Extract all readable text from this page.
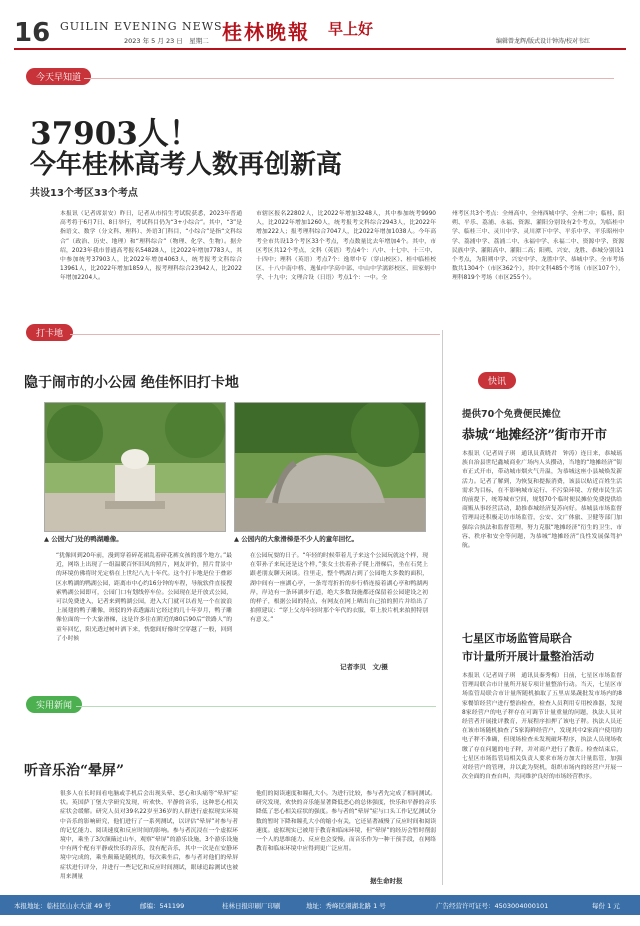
16 GUILIN EVENING NEWS
2023 年 5 月 23 日　星期二 桂林晚報 早上好
编辑曾龙辉/版式设计钟涛/校对韦红
今天早知道
37903人！
今年桂林高考人数再创新高
共设13个考区33个考点
本报讯（记者席景安）昨日，记者从市招生考试院获悉，2023年普通高考将于6月7日、8日举行，考试科目仍为“3+小综合”。其中，“3”是指语文、数学（分文科、理科）、外语3门科目，“小综合”是指“文科综合”（政治、历史、地理）和“理科综合”（物理、化学、生物）。据介绍，2023年我市普通高考报名54828人，比2022年增加7783人，其中参加统考37903人，比2022年增加4063人，统考报考文科综合13961人，比2022年增加1859人，报考理科综合23942人，比2022年增加2204人。
市辖区报名22802人，比2022年增加3248人，其中参加统考9990人，比2022年增加1260人，统考报考文科综合2943人，比2022年增加222人；报考理科综合7047人，比2022年增加1038人。今年高考全市共设13个考区33个考点，考点数量比去年增加4个。其中，市区考区共12个考点，文科（英语）考点4个：八中、十七中、十三中、十四中；理科（英语）考点7个：逸翠中专（穿山校区）、桂中临桂校区、十八中南中桥、逸仙中学高中部、中山中学漓彩校区、田家炳中学、十九中；文理合设（日语）考点1个：一中。全
州考区共3个考点：全州高中、全州西城中学、全州二中；临桂、阳朔、平乐、荔浦、永福、资源、灌阳分别设有2个考点，为临桂中学、临桂三中、灵川中学、灵川潭下中学、平乐中学、平乐昭州中学、荔浦中学、荔浦二中、永福中学、永福二中、资源中学、资源民族中学、灌阳高中、灌阳二高；阳朔、兴安、龙胜、恭城分别设1个考点，为阳朔中学、兴安中学、龙胜中学、恭城中学。全市考场数共1304个（市区362个），其中文科485个考场（市区107个），理科819个考场（市区255个）。
打卡地
隐于闹市的小公园 绝佳怀旧打卡地
▲ 公园大门处的鸭湖雕像。	▲ 公园内的大象滑梯是不少人的童年回忆。
“犹像回到20年前，漫到穿着碎花裙乱着碎花裤女孩的那个地方。”最近，网络上出现了一组温暖百怀旧风的照片，网友评价，照片背景中的环境仿佛将时光定格在上世纪八九十年代。这个打卡地是位于叠彩区水鸭湖的鸭湖公园，距离市中心约16分钟的车程，导航软件直接搜索鸭湖公园即可，公园门口有划线停车位。公园现在是开放式公园，可以免费进入，记者来到鸭湖公园，进入大门就可以看见一个在波浪上展翅的鸭子雕像，斑驳的外表透露出它经过的几十年岁月，鸭子雕像位面的一个大象滑梯，这是许多住在附近的80后90后“铁路人”的童年回忆，阳光透过树叶洒下来，恍惚间好像时空穿越了一般，回到了小时候
在公园玩耍的日子。“年轻的时候带着儿子来这个公园玩就这个样，现在带孙子来玩还是这个样，”张女士扶着孙子爬上滑梯后，坐在石凳上跟老朋友聊天闲谈。往里走，整个鸭湖占到了公园绝大多数的面积，湖中间有一座湖心亭，一条弯弯折折的步行桥连接着湖心亭和鸭湖两岸，岸边有一条环湖步行道，绝大多数设施都还保留着公园建设之初的样子，根据公园的特点，有网友在网上晒出自己拍的照片并给出了拍照建议：“穿上父母年轻时那个年代的衣服，带上胶片机来拍照特别有意义。”
记者李贝　文/摄
快讯
提供70个免费便民摊位
恭城“地摊经济”街市开市
本报讯（记者周子琪　通讯员黄晓君　钟涛）连日来，恭城瑶族自治县世纪鑫城商业广场内人头攒动，当地的“地摊经济”街市正式开市，带动城市烟火气升温，为恭城这座小县城焕发新活力。记者了解到，为恢复和提振消费，该县以贴近百姓生活需求为目标，在不影响城市运行、不污染环境、方便市民生活的前提下，统筹城市空间，规划70个临时便民摊位免费提供给商贩从事经营活动，助推恭城经济复苏向好。恭城县市场监督管理局还积极走访市场监管，公安、文广体旅、卫健等部门加强综合执法和监督管理，努力克服“地摊经济”衍生的卫生、市容、秩序和安全等问题，为恭城“地摊经济”良性发展保驾护航。
七星区市场监管局联合
市计量所开展计量整治活动
本报讯（记者周子琪　通讯员秦秀梅）日前，七星区市场监督管理局联合市计量所开展专项计量整治行动。当天，七星区市场监管局联合市计量所随机抽取了五里店果蔬批发市场内的8家餐馆经营户进行整治检查，检查人员利用专用校准器，发现8家经营户的电子秤存在可调节计量重量的问题，执法人员对经营者开展批评教育，开展程序扣押了该电子秤。执法人员还在该市场随机抽查了5家海鲜经营户，发现其中2家商户使用的电子秤不准确，但现场检查未发现破坏程序，执法人员现场收缴了存在问题的电子秤，并对商户进行了教育。检查结束后，七星区市场监管局相关负责人要求市场方加大计量监管，加强对经营户的管理，并以此为契机，组织市场内的经营户开展一次全面的自查自纠，共同维护良好的市场经营秩序。
实用新闻
听音乐治“晕屏”
很多人在长时间看电脑或手机后会出现头晕、恶心和头痛等“晕屏”症状。英国萨丁堡大学研究发现，听欢快、平静的音乐，这种恶心相关症状会缓解。研究人员对39名22岁至36岁的人群进行虚拟现实环境中音乐的影响研究，他们进行了一系列测试，以评估“晕屏”对参与者的记忆能力、阅读速度和反应时间的影响。参与者沉浸在一个虚拟环境中，乘坐了3次颠簸过山车，观察“晕屏”的游乐设施，3个游乐设施中有两个配有平静或快乐的音乐，没有配音乐，其中一次是在安静环境中完成的，乘坐颠簸是随机的，每次乘坐后，参与者对他们的晕屏症状进行评分，并进行一些记忆和反应时间测试，眼球追踪测试也被用来测量
他们的阅读速度和瞳孔大小。为进行比较，参与者先完成了相同测试。研究发现，欢快的音乐能显著降低恶心的总体强度，快乐和平静的音乐降低了恶心相关症状的强度。参与者的“晕屏”症与口头工作记忆测试分数的暂时下降和瞳孔大小的缩小有关，它还显著减慢了反应时间和阅读速度。虚拟现实已被用于教育和临床环境，但“晕屏”的经历会暂时削弱一个人的思维能力、反应也会变慢。而音乐作为一种干预手段，在网络教育和临床环境中应得到更广泛应用。
据生命时报
本报地址：临桂区山水大道 49 号	邮编：541199	桂林日报印刷厂印刷	地址：秀峰区翊湖北路 1 号	广告经营许可证号：4503004000101	每份 1 元
